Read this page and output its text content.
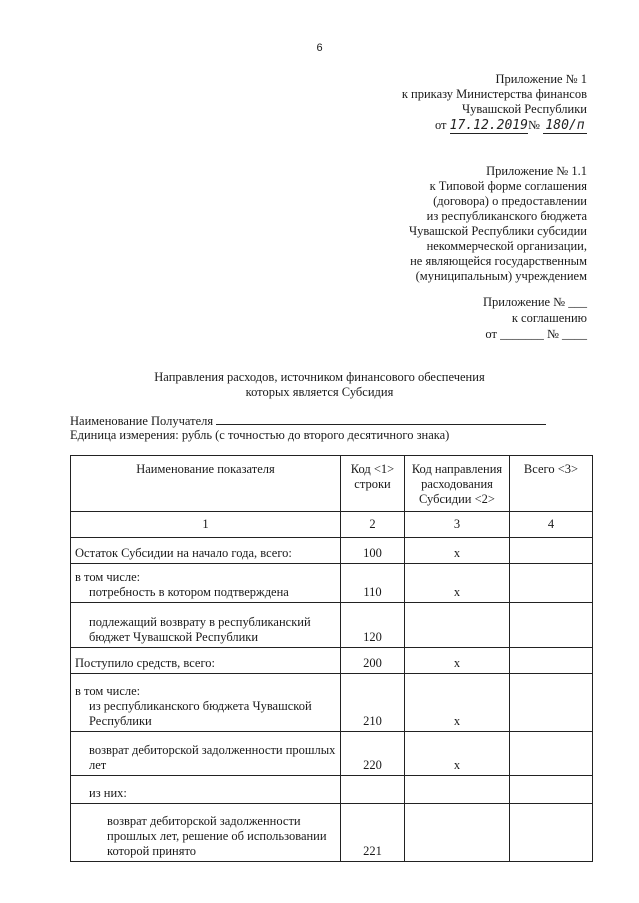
6
Приложение № 1
к приказу Министерства финансов
Чувашской Республики
от 17.12.2019№ 180/п
Приложение № 1.1
к Типовой форме соглашения
(договора) о предоставлении
из республиканского бюджета
Чувашской Республики субсидии
некоммерческой организации,
не являющейся государственным
(муниципальным) учреждением
Приложение № ___
к соглашению
от _______ № ____
Направления расходов, источником финансового обеспечения
которых является Субсидия
Наименование Получателя
Единица измерения: рубль (с точностью до второго десятичного знака)
Наименование показателя	Код <1> строки	Код направления расходования Субсидии <2>	Всего <3>
1	2	3	4
Остаток Субсидии на начало года, всего:	100	x	

в том числе:
потребность в котором подтверждена	110	x	

подлежащий возврату в республиканский бюджет Чувашской Республики	120		
Поступило средств, всего:	200	x	

в том числе:
из республиканского бюджета Чувашской Республики	210	x	

возврат дебиторской задолженности прошлых лет	220	x	

из них:			

возврат дебиторской задолженности прошлых лет, решение об использовании которой принято	221		
